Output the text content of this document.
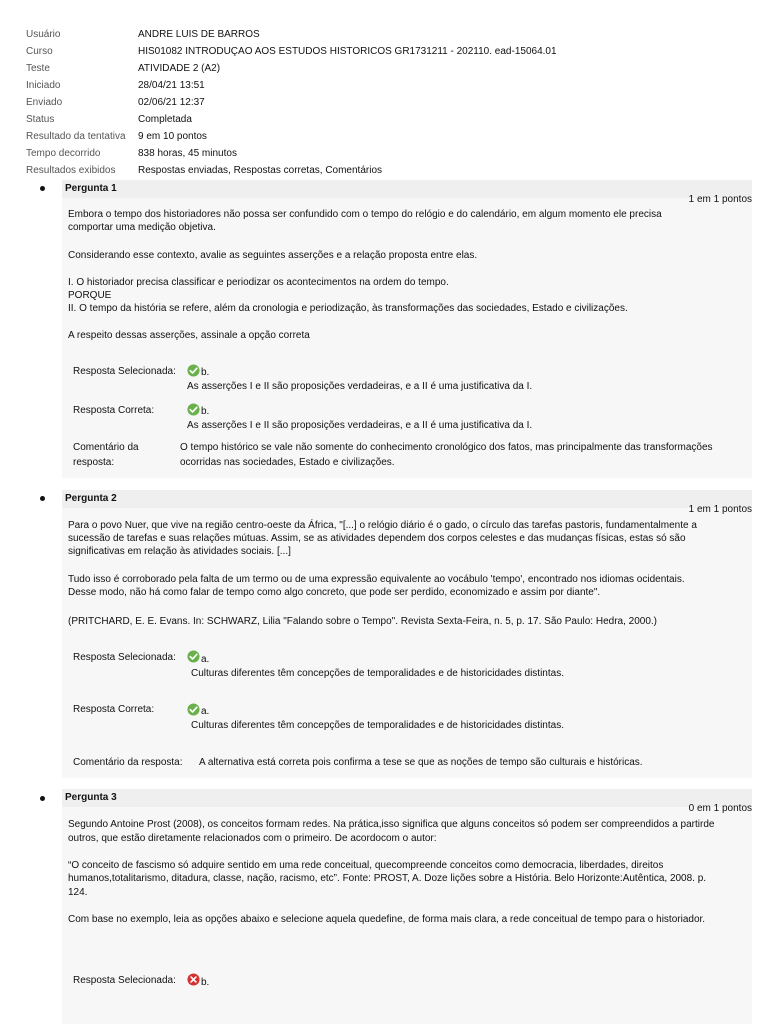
Usuário	ANDRE LUIS DE BARROS
Curso	HIS01082 INTRODUÇAO AOS ESTUDOS HISTORICOS GR1731211 - 202110. ead-15064.01
Teste	ATIVIDADE 2 (A2)
Iniciado	28/04/21 13:51
Enviado	02/06/21 12:37
Status	Completada
Resultado da tentativa 9 em 10 pontos
Tempo decorrido	838 horas, 45 minutos
Resultados exibidos Respostas enviadas, Respostas corretas, Comentários
Pergunta 1
1 em 1 pontos
Embora o tempo dos historiadores não possa ser confundido com o tempo do relógio e do calendário, em algum momento ele precisa
comportar uma medição objetiva.
Considerando esse contexto, avalie as seguintes asserções e a relação proposta entre elas.
I. O historiador precisa classificar e periodizar os acontecimentos na ordem do tempo.
PORQUE
II. O tempo da história se refere, além da cronologia e periodização, às transformações das sociedades, Estado e civilizações.
A respeito dessas asserções, assinale a opção correta
Resposta Selecionada:	b.
As asserções I e II são proposições verdadeiras, e a II é uma justificativa da I.
Resposta Correta:	b.
As asserções I e II são proposições verdadeiras, e a II é uma justificativa da I.
Comentário da
resposta:
O tempo histórico se vale não somente do conhecimento cronológico dos fatos, mas principalmente das transformações
ocorridas nas sociedades, Estado e civilizações.
Pergunta 2
1 em 1 pontos
Para o povo Nuer, que vive na região centro-oeste da África, "[...] o relógio diário é o gado, o círculo das tarefas pastoris, fundamentalmente a
sucessão de tarefas e suas relações mútuas. Assim, se as atividades dependem dos corpos celestes e das mudanças físicas, estas só são
significativas em relação às atividades sociais. [...]
Tudo isso é corroborado pela falta de um termo ou de uma expressão equivalente ao vocábulo 'tempo', encontrado nos idiomas ocidentais.
Desse modo, não há como falar de tempo como algo concreto, que pode ser perdido, economizado e assim por diante".
(PRITCHARD, E. E. Evans. In: SCHWARZ, Lilia "Falando sobre o Tempo". Revista Sexta-Feira, n. 5, p. 17. São Paulo: Hedra, 2000.)
Resposta Selecionada:	a.
Culturas diferentes têm concepções de temporalidades e de historicidades distintas.
Resposta Correta:	a.
Culturas diferentes têm concepções de temporalidades e de historicidades distintas.
Comentário da resposta: A alternativa está correta pois confirma a tese se que as noções de tempo são culturais e históricas.
Pergunta 3
0 em 1 pontos
Segundo Antoine Prost (2008), os conceitos formam redes. Na prática,isso significa que alguns conceitos só podem ser compreendidos a partirde
outros, que estão diretamente relacionados com o primeiro. De acordocom o autor:
“O conceito de fascismo só adquire sentido em uma rede conceitual, quecompreende conceitos como democracia, liberdades, direitos
humanos,totalitarismo, ditadura, classe, nação, racismo, etc”. Fonte: PROST, A. Doze lições sobre a História. Belo Horizonte:Autêntica, 2008. p.
124.
Com base no exemplo, leia as opções abaixo e selecione aquela quedefine, de forma mais clara, a rede conceitual de tempo para o historiador.
Resposta Selecionada:	b.
